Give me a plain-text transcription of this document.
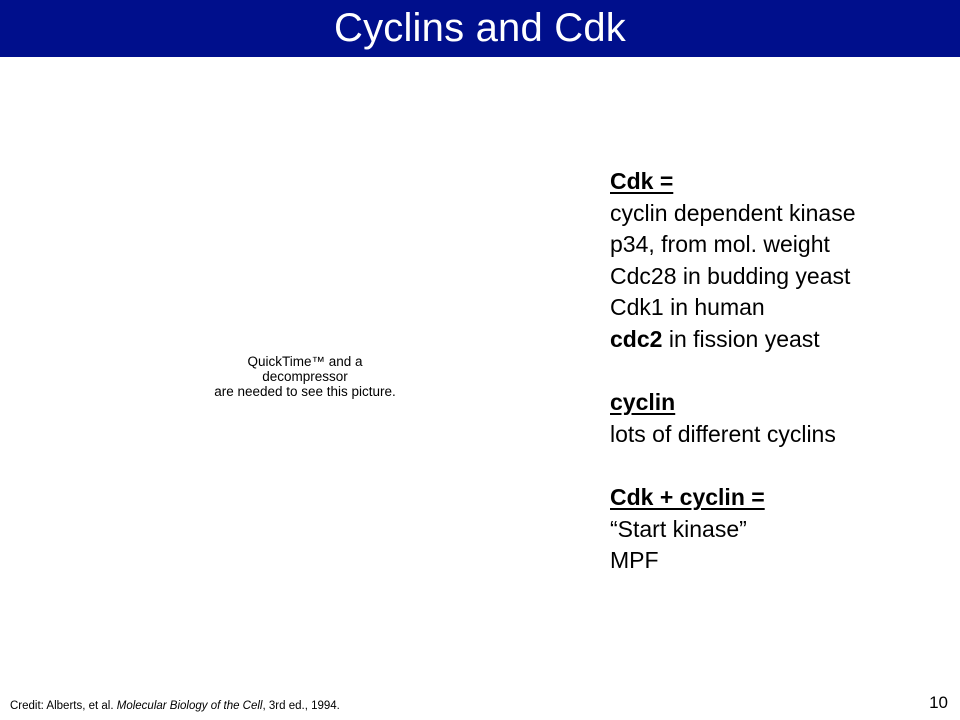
Cyclins and Cdk
QuickTime™ and a
decompressor
are needed to see this picture.
Cdk =
cyclin dependent kinase
p34, from mol. weight
Cdc28 in budding yeast
Cdk1 in human
cdc2 in fission yeast
cyclin
lots of different cyclins
Cdk + cyclin =
“Start kinase”
MPF
Credit: Alberts, et al. Molecular Biology of the Cell, 3rd ed., 1994.	10
